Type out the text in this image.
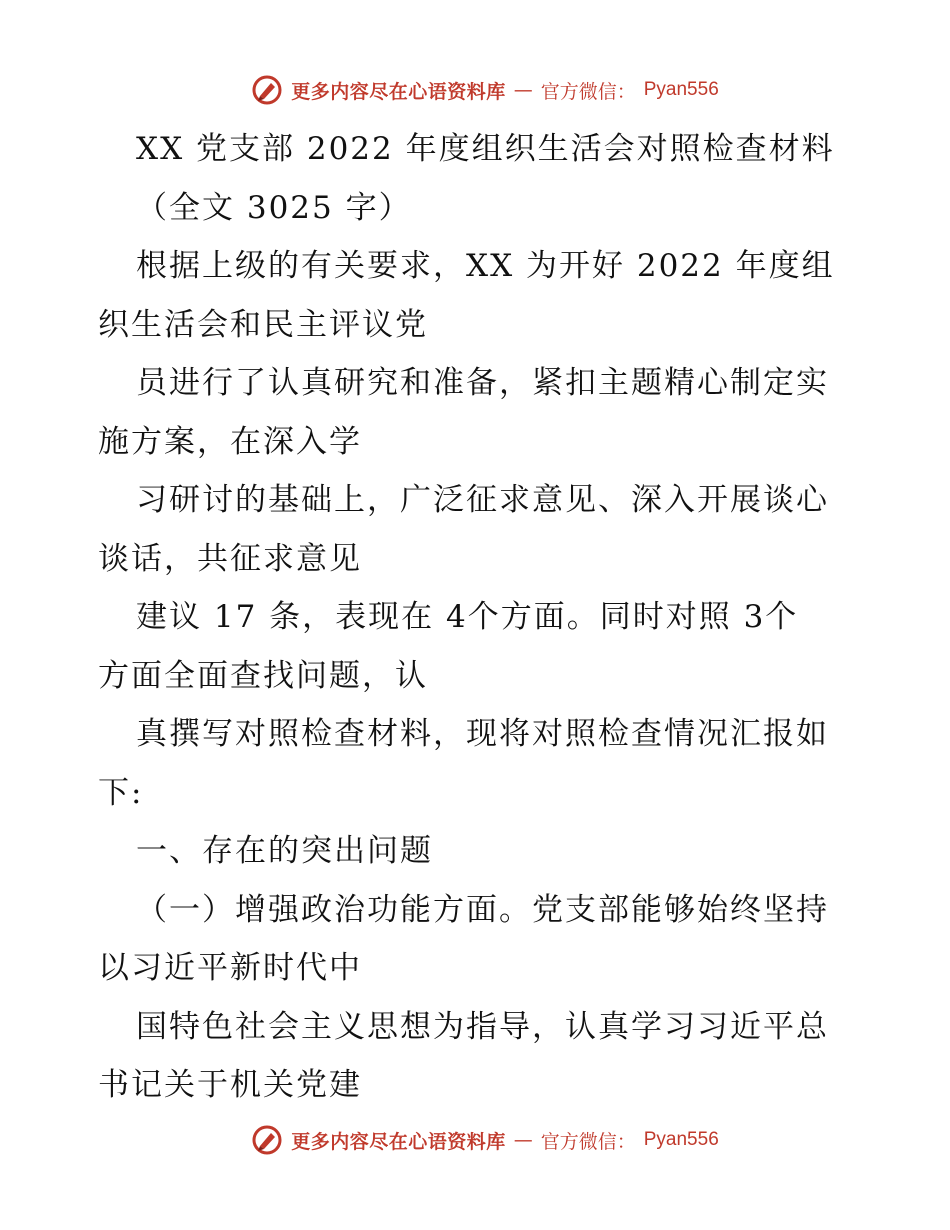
更多内容尽在心语资料库 — 官方微信： Pyan556
XX 党支部 2022 年度组织生活会对照检查材料
（全文 3025 字）
根据上级的有关要求，XX 为开好 2022 年度组
织生活会和民主评议党
员进行了认真研究和准备，紧扣主题精心制定实
施方案，在深入学
习研讨的基础上，广泛征求意见、深入开展谈心
谈话，共征求意见
建议 17 条，表现在 4个方面。同时对照 3个
方面全面查找问题，认
真撰写对照检查材料，现将对照检查情况汇报如
下:
一、存在的突出问题
（一）增强政治功能方面。党支部能够始终坚持
以习近平新时代中
国特色社会主义思想为指导，认真学习习近平总
书记关于机关党建
更多内容尽在心语资料库 — 官方微信： Pyan556
